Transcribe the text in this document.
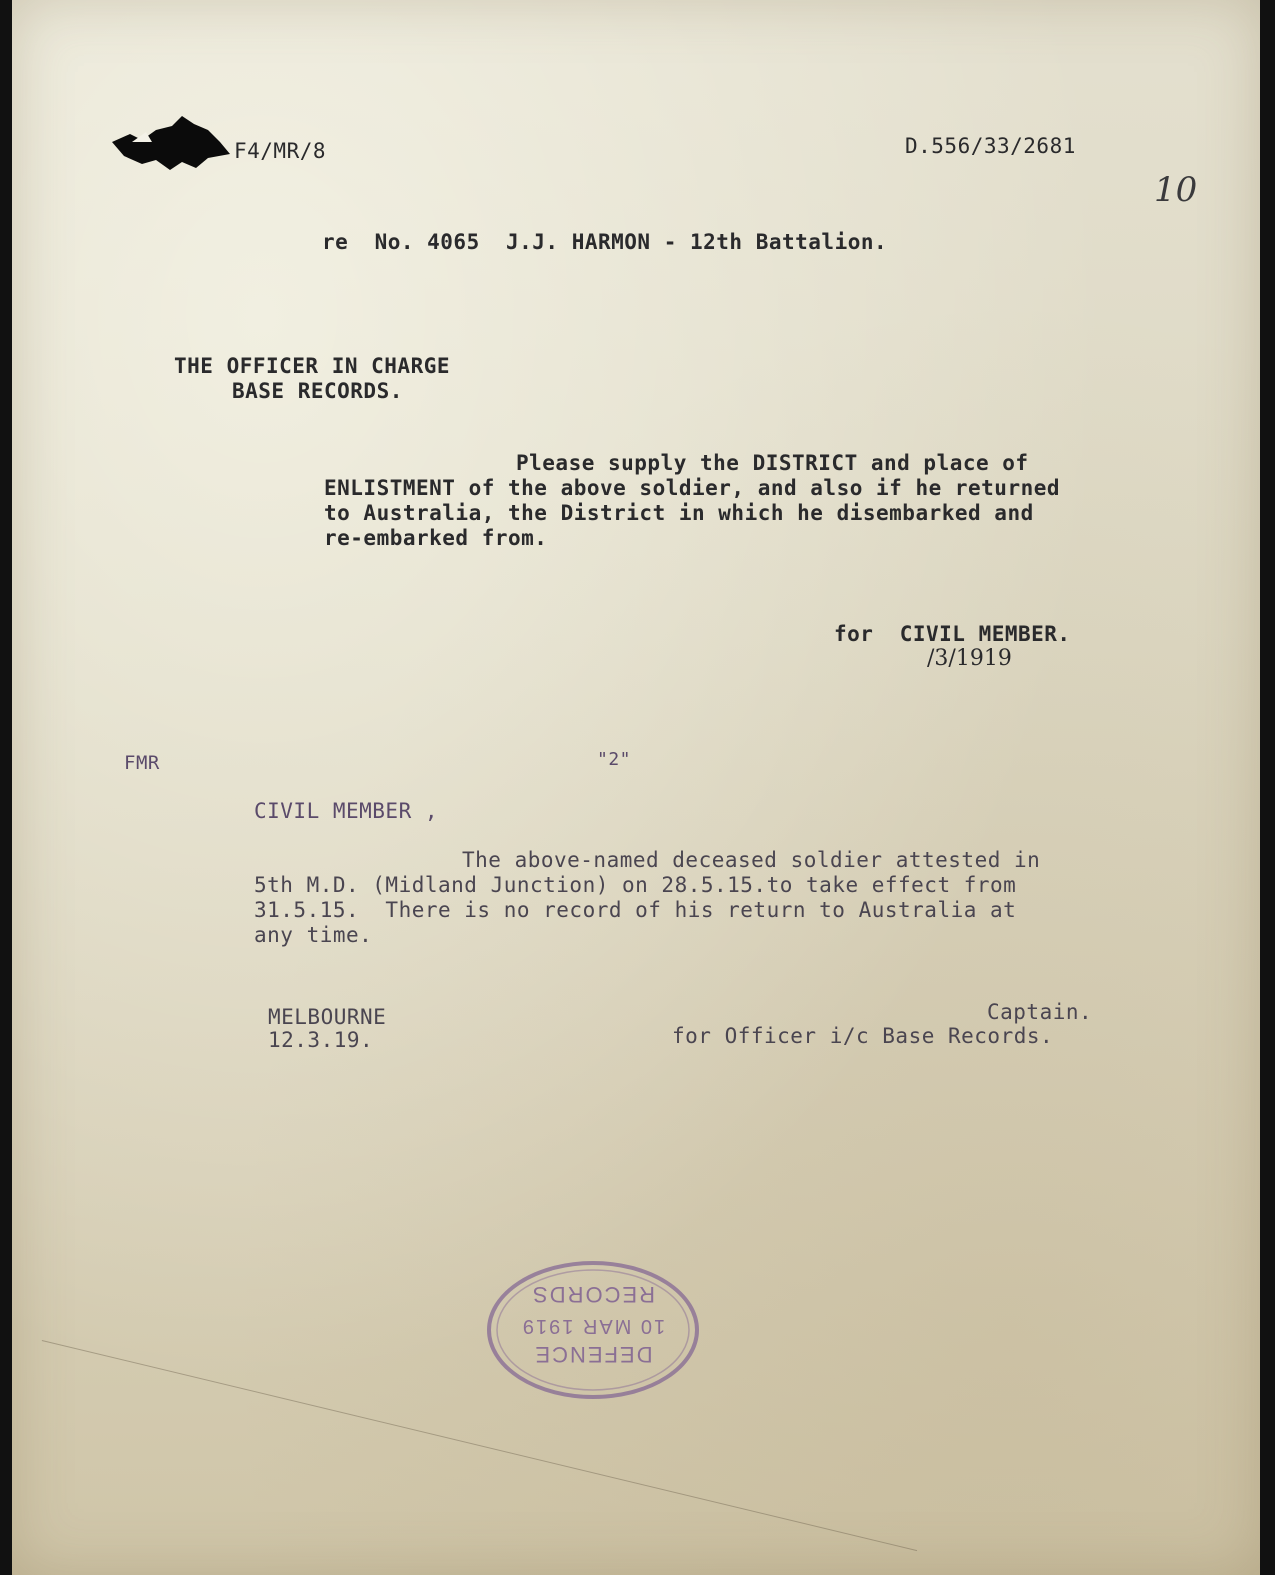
F4/MR/8	D.556/33/2681
10
re  No. 4065  J.J. HARMON - 12th Battalion.
THE OFFICER IN CHARGE
BASE RECORDS.
Please supply the DISTRICT and place of
ENLISTMENT of the above soldier, and also if he returned
to Australia, the District in which he disembarked and
re-embarked from.
for  CIVIL MEMBER.
/3/1919
FMR	"2"
CIVIL MEMBER ,
The above-named deceased soldier attested in
5th M.D. (Midland Junction) on 28.5.15.to take effect from
31.5.15.  There is no record of his return to Australia at
any time.
MELBOURNE
12.3.19.
Captain.
for Officer i/c Base Records.
DEFENCE
10 MAR 1919
RECORDS
